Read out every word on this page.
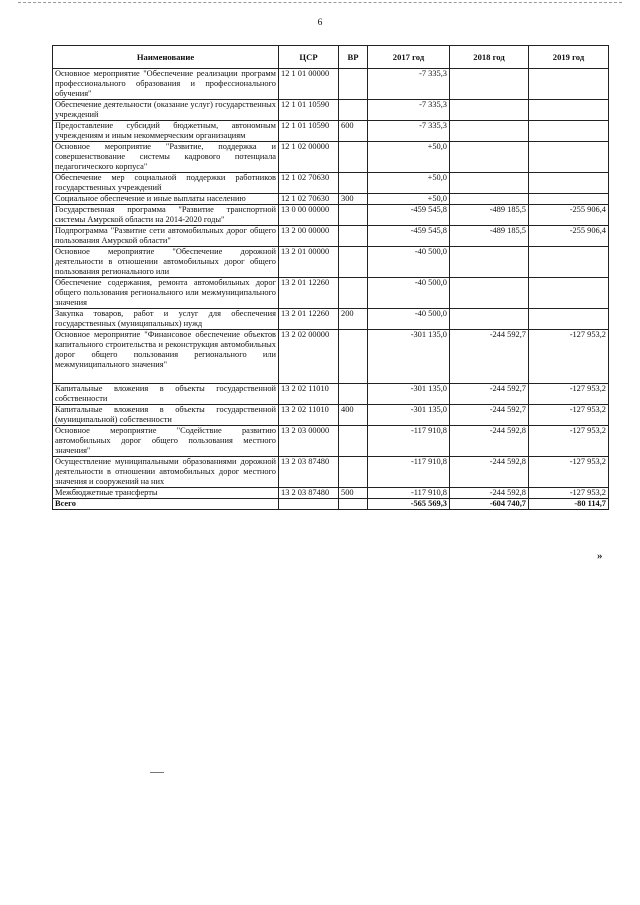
6
Наименование	ЦСР	ВР	2017 год	2018 год	2019 год
Основное мероприятие "Обеспечение реализации программ профессионального образования и профессионального обучения"	12 1 01 00000		-7 335,3		
Обеспечение деятельности (оказание услуг) государственных учреждений	12 1 01 10590		-7 335,3		
Предоставление субсидий бюджетным, автономным учреждениям и иным некоммерческим организациям	12 1 01 10590	600	-7 335,3		
Основное мероприятие "Развитие, поддержка и совершенствование системы кадрового потенциала педагогического корпуса"	12 1 02 00000		+50,0		
Обеспечение мер социальной поддержки работников государственных учреждений	12 1 02 70630		+50,0		
Социальное обеспечение и иные выплаты населению	12 1 02 70630	300	+50,0		
Государственная программа "Развитие транспортной системы Амурской области на 2014-2020 годы"	13 0 00 00000		-459 545,8	-489 185,5	-255 906,4
Подпрограмма "Развитие сети автомобильных дорог общего пользования Амурской области"	13 2 00 00000		-459 545,8	-489 185,5	-255 906,4
Основное мероприятие "Обеспечение дорожной деятельности в отношении автомобильных дорог общего пользования регионального или	13 2 01 00000		-40 500,0		
Обеспечение содержания, ремонта автомобильных дорог общего пользования регионального или межмуниципального значения	13 2 01 12260		-40 500,0		
Закупка товаров, работ и услуг для обеспечения государственных (муниципальных) нужд	13 2 01 12260	200	-40 500,0		
Основное мероприятие "Финансовое обеспечение объектов капитального строительства и реконструкция автомобильных дорог общего пользования регионального или межмуниципального значения"	13 2 02 00000		-301 135,0	-244 592,7	-127 953,2
Капитальные вложения в объекты государственной собственности	13 2 02 11010		-301 135,0	-244 592,7	-127 953,2
Капитальные вложения в объекты государственной (муниципальной) собственности	13 2 02 11010	400	-301 135,0	-244 592,7	-127 953,2
Основное мероприятие "Содействие развитию автомобильных дорог общего пользования местного значения"	13 2 03 00000		-117 910,8	-244 592,8	-127 953,2
Осуществление муниципальными образованиями дорожной деятельности в отношении автомобильных дорог местного значения и сооружений на них	13 2 03 87480		-117 910,8	-244 592,8	-127 953,2
Межбюджетные трансферты	13 2 03 87480	500	-117 910,8	-244 592,8	-127 953,2
Всего			-565 569,3	-604 740,7	-80 114,7
»
